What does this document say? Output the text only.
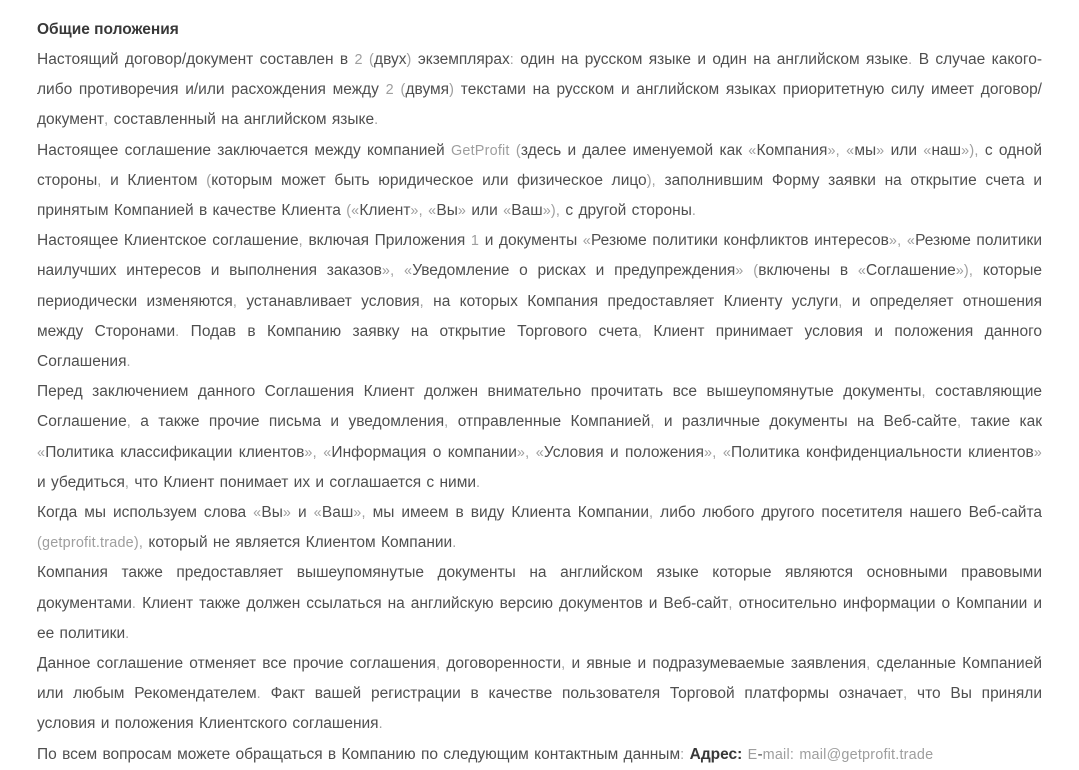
Общие положения

Настоящий договор/документ составлен в 2 (двух) экземплярах: один на русском языке и один на английском языке. В случае какого-либо противоречия и/или расхождения между 2 (двумя) текстами на русском и английском языках приоритетную силу имеет договор/документ, составленный на английском языке.

Настоящее соглашение заключается между компанией GetProfit (здесь и далее именуемой как «Компания», «мы» или «наш»), с одной стороны, и Клиентом (которым может быть юридическое или физическое лицо), заполнившим Форму заявки на открытие счета и принятым Компанией в качестве Клиента («Клиент», «Вы» или «Ваш»), с другой стороны.

Настоящее Клиентское соглашение, включая Приложения 1 и документы «Резюме политики конфликтов интересов», «Резюме политики наилучших интересов и выполнения заказов», «Уведомление о рисках и предупреждения» (включены в «Соглашение»), которые периодически изменяются, устанавливает условия, на которых Компания предоставляет Клиенту услуги, и определяет отношения между Сторонами. Подав в Компанию заявку на открытие Торгового счета, Клиент принимает условия и положения данного Соглашения.

Перед заключением данного Соглашения Клиент должен внимательно прочитать все вышеупомянутые документы, составляющие Соглашение, а также прочие письма и уведомления, отправленные Компанией, и различные документы на Веб-сайте, такие как «Политика классификации клиентов», «Информация о компании», «Условия и положения», «Политика конфиденциальности клиентов» и убедиться, что Клиент понимает их и соглашается с ними.

Когда мы используем слова «Вы» и «Ваш», мы имеем в виду Клиента Компании, либо любого другого посетителя нашего Веб-сайта (getprofit.trade), который не является Клиентом Компании.

Компания также предоставляет вышеупомянутые документы на английском языке которые являются основными правовыми документами. Клиент также должен ссылаться на английскую версию документов и Веб-сайт, относительно информации о Компании и ее политики.

Данное соглашение отменяет все прочие соглашения, договоренности, и явные и подразумеваемые заявления, сделанные Компанией или любым Рекомендателем. Факт вашей регистрации в качестве пользователя Торговой платформы означает, что Вы приняли условия и положения Клиентского соглашения.

По всем вопросам можете обращаться в Компанию по следующим контактным данным: Адрес: E-mail: mail@getprofit.trade
